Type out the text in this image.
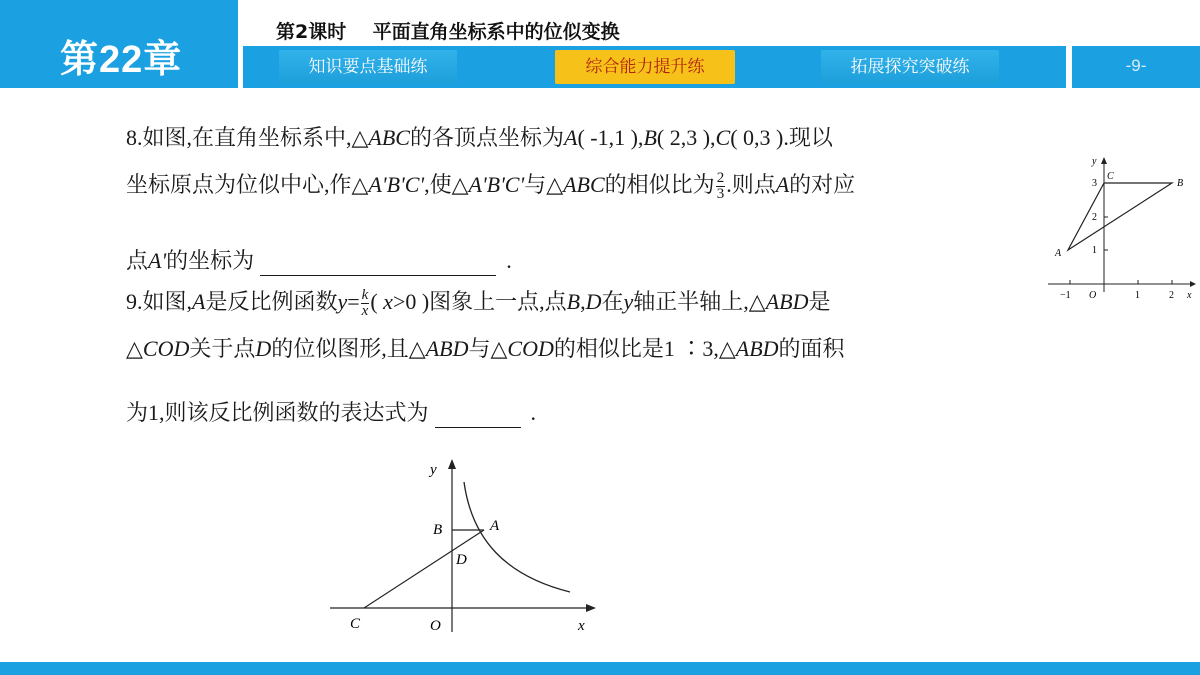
第22章
第2课时    平面直角坐标系中的位似变换
知识要点基础练	综合能力提升练	拓展探究突破练	-9-
8.如图,在直角坐标系中,△ABC的各顶点坐标为A( -1,1 ),B( 2,3 ),C( 0,3 ).现以
坐标原点为位似中心,作△A'B'C',使△A'B'C'与△ABC的相似比为 $\frac{2}{3}$ .则点A的对应
点A'的坐标为	.
9.如图,A是反比例函数$y= \frac{k}{x}$ ( x>0 )图象上一点,点B,D在y轴正半轴上,△ABD是
△COD关于点D的位似图形,且△ABD与△COD的相似比是1 ∶3,△ABD的面积
为1,则该反比例函数的表达式为	.
y
C
B
A
3
2
1
−1 O	1	2 x
y
B	A
D
C	O	x
